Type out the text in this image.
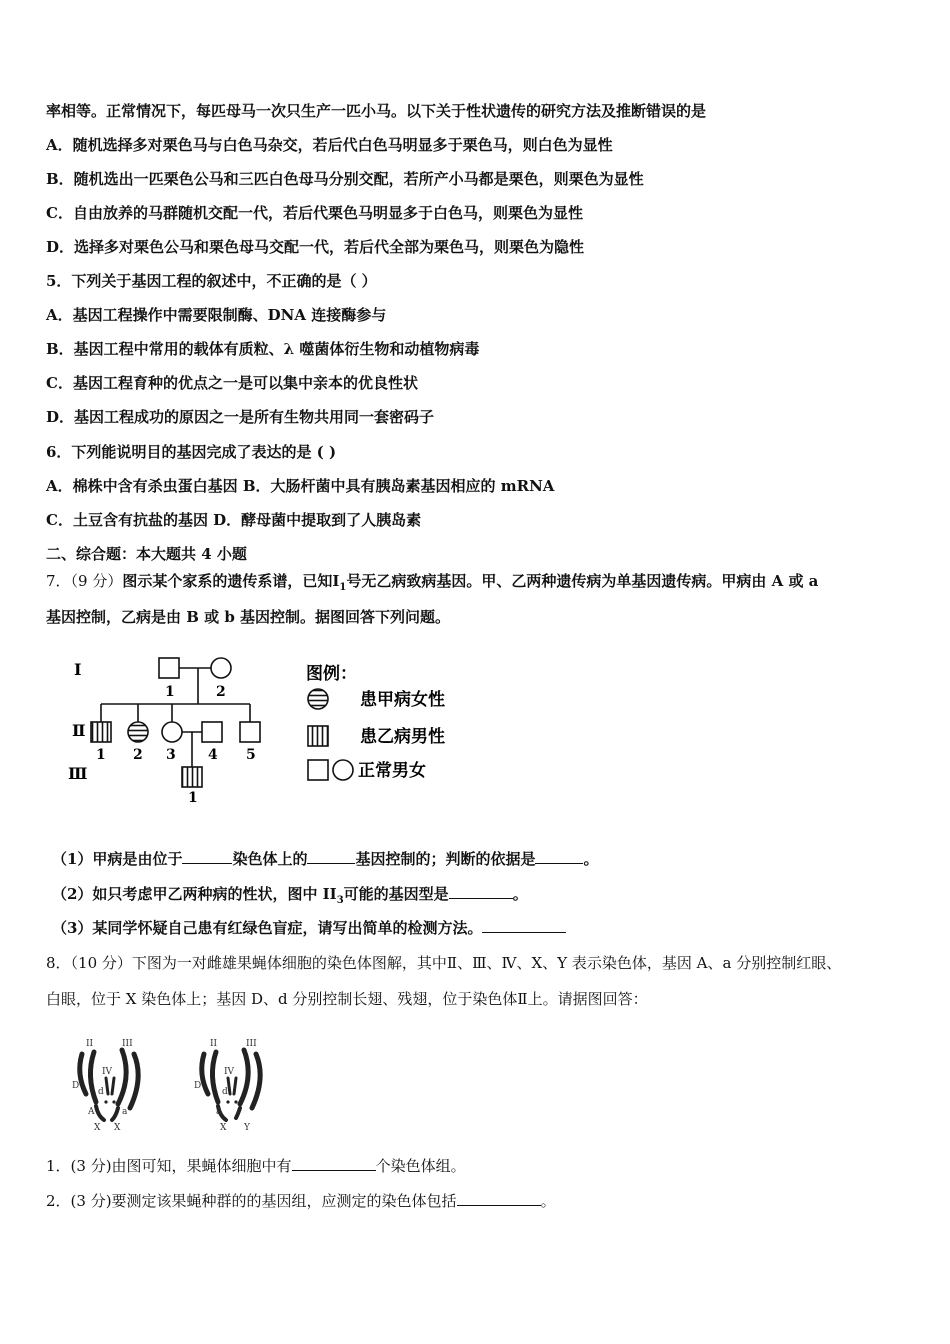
率相等。正常情况下，每匹母马一次只生产一匹小马。以下关于性状遗传的研究方法及推断错误的是
A．随机选择多对栗色马与白色马杂交，若后代白色马明显多于栗色马，则白色为显性
B．随机选出一匹栗色公马和三匹白色母马分别交配，若所产小马都是栗色，则栗色为显性
C．自由放养的马群随机交配一代，若后代栗色马明显多于白色马，则栗色为显性
D．选择多对栗色公马和栗色母马交配一代，若后代全部为栗色马，则栗色为隐性
5．下列关于基因工程的叙述中，不正确的是（ ）
A．基因工程操作中需要限制酶、DNA 连接酶参与
B．基因工程中常用的载体有质粒、λ 噬菌体衍生物和动植物病毒
C．基因工程育种的优点之一是可以集中亲本的优良性状
D．基因工程成功的原因之一是所有生物共用同一套密码子
6．下列能说明目的基因完成了表达的是 ( )
A．棉株中含有杀虫蛋白基因 B．大肠杆菌中具有胰岛素基因相应的 mRNA
C．土豆含有抗盐的基因 D．酵母菌中提取到了人胰岛素
二、综合题：本大题共 4 小题
7．（9 分）图示某个家系的遗传系谱，已知$Ⅰ_1$号无乙病致病基因。甲、乙两种遗传病为单基因遗传病。甲病由 A 或 a
基因控制，乙病是由 B 或 b 基因控制。据图回答下列问题。
Ⅰ
Ⅱ
Ⅲ
1	2
1 2 3 4 5
1
图例：
患甲病女性
患乙病男性
正常男女
（1）甲病是由位于	染色体上的	基因控制的；判断的依据是	。
（2）如只考虑甲乙两种病的性状，图中 $II_3$可能的基因型是	。
（3）某同学怀疑自己患有红绿色盲症，请写出简单的检测方法。
8．（10 分）下图为一对雌雄果蝇体细胞的染色体图解，其中Ⅱ、Ⅲ、Ⅳ、X、Y 表示染色体，基因 A、a 分别控制红眼、
白眼，位于 X 染色体上；基因 D、d 分别控制长翅、残翅，位于染色体Ⅱ上。请据图回答：
II	III
IV
D
d
A	a
X X
II	III
IV
D
d
a
X Y
1．(3 分)由图可知，果蝇体细胞中有	个染色体组。
2．(3 分)要测定该果蝇种群的的基因组，应测定的染色体包括	。
